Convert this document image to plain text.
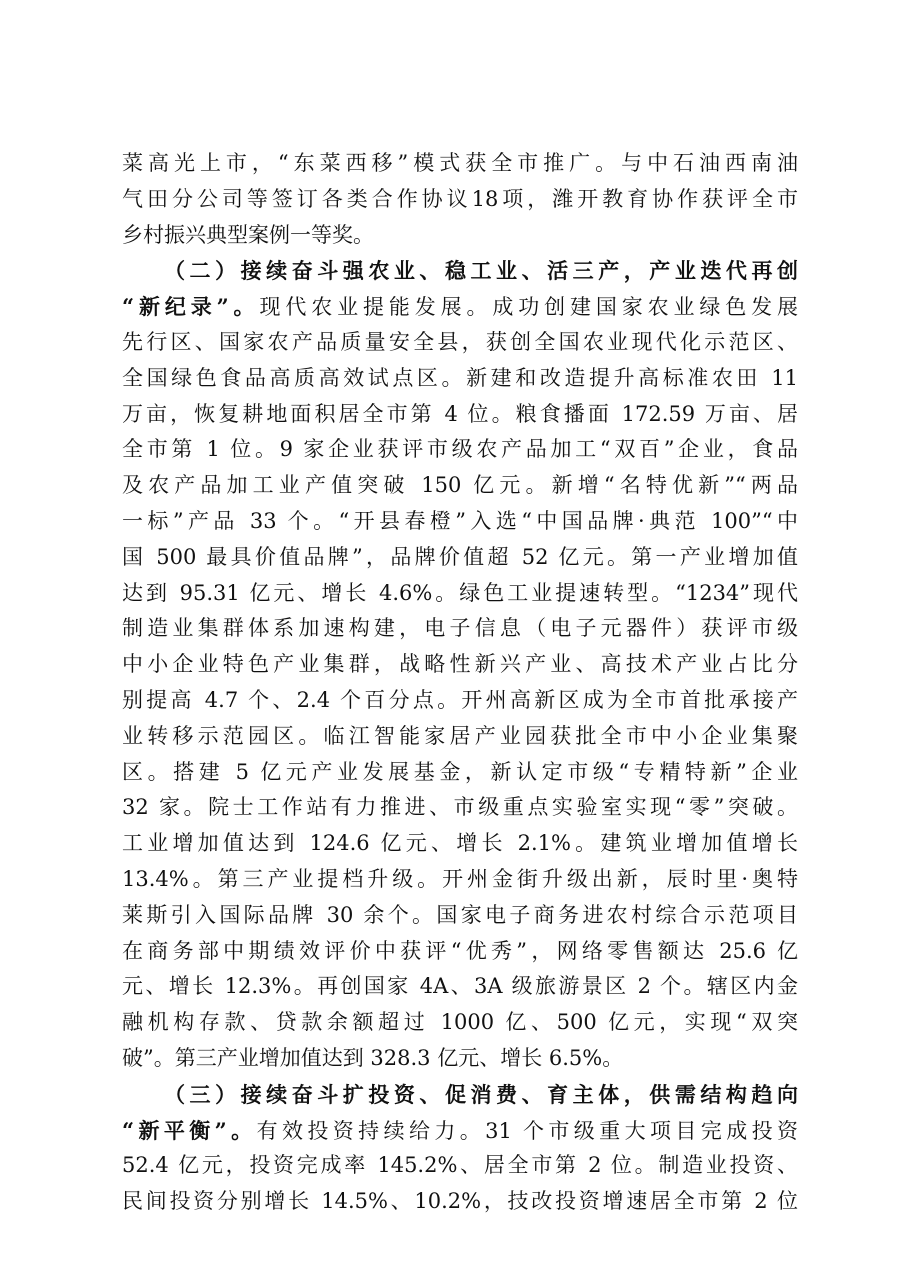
菜高光上市，“东菜西移”模式获全市推广。与中石油西南油
气田分公司等签订各类合作协议18项，潍开教育协作获评全市
乡村振兴典型案例一等奖。
（二）接续奋斗强农业、稳工业、活三产，产业迭代再创
“新纪录”。现代农业提能发展。成功创建国家农业绿色发展
先行区、国家农产品质量安全县，获创全国农业现代化示范区、
全国绿色食品高质高效试点区。新建和改造提升高标准农田 11
万亩，恢复耕地面积居全市第 4 位。粮食播面 172.59 万亩、居
全市第 1 位。9 家企业获评市级农产品加工“双百”企业，食品
及农产品加工业产值突破 150 亿元。新增“名特优新”“两品
一标”产品 33 个。“开县春橙”入选“中国品牌·典范 100”“中
国 500 最具价值品牌”，品牌价值超 52 亿元。第一产业增加值
达到 95.31 亿元、增长 4.6%。绿色工业提速转型。“1234”现代
制造业集群体系加速构建，电子信息（电子元器件）获评市级
中小企业特色产业集群，战略性新兴产业、高技术产业占比分
别提高 4.7 个、2.4 个百分点。开州高新区成为全市首批承接产
业转移示范园区。临江智能家居产业园获批全市中小企业集聚
区。搭建 5 亿元产业发展基金，新认定市级“专精特新”企业
32 家。院士工作站有力推进、市级重点实验室实现“零”突破。
工业增加值达到 124.6 亿元、增长 2.1%。建筑业增加值增长
13.4%。第三产业提档升级。开州金街升级出新，辰时里·奥特
莱斯引入国际品牌 30 余个。国家电子商务进农村综合示范项目
在商务部中期绩效评价中获评“优秀”，网络零售额达 25.6 亿
元、增长 12.3%。再创国家 4A、3A 级旅游景区 2 个。辖区内金
融机构存款、贷款余额超过 1000 亿、500 亿元，实现“双突
破”。第三产业增加值达到 328.3 亿元、增长 6.5%。
（三）接续奋斗扩投资、促消费、育主体，供需结构趋向
“新平衡”。有效投资持续给力。31 个市级重大项目完成投资
52.4 亿元，投资完成率 145.2%、居全市第 2 位。制造业投资、
民间投资分别增长 14.5%、10.2%，技改投资增速居全市第 2 位
